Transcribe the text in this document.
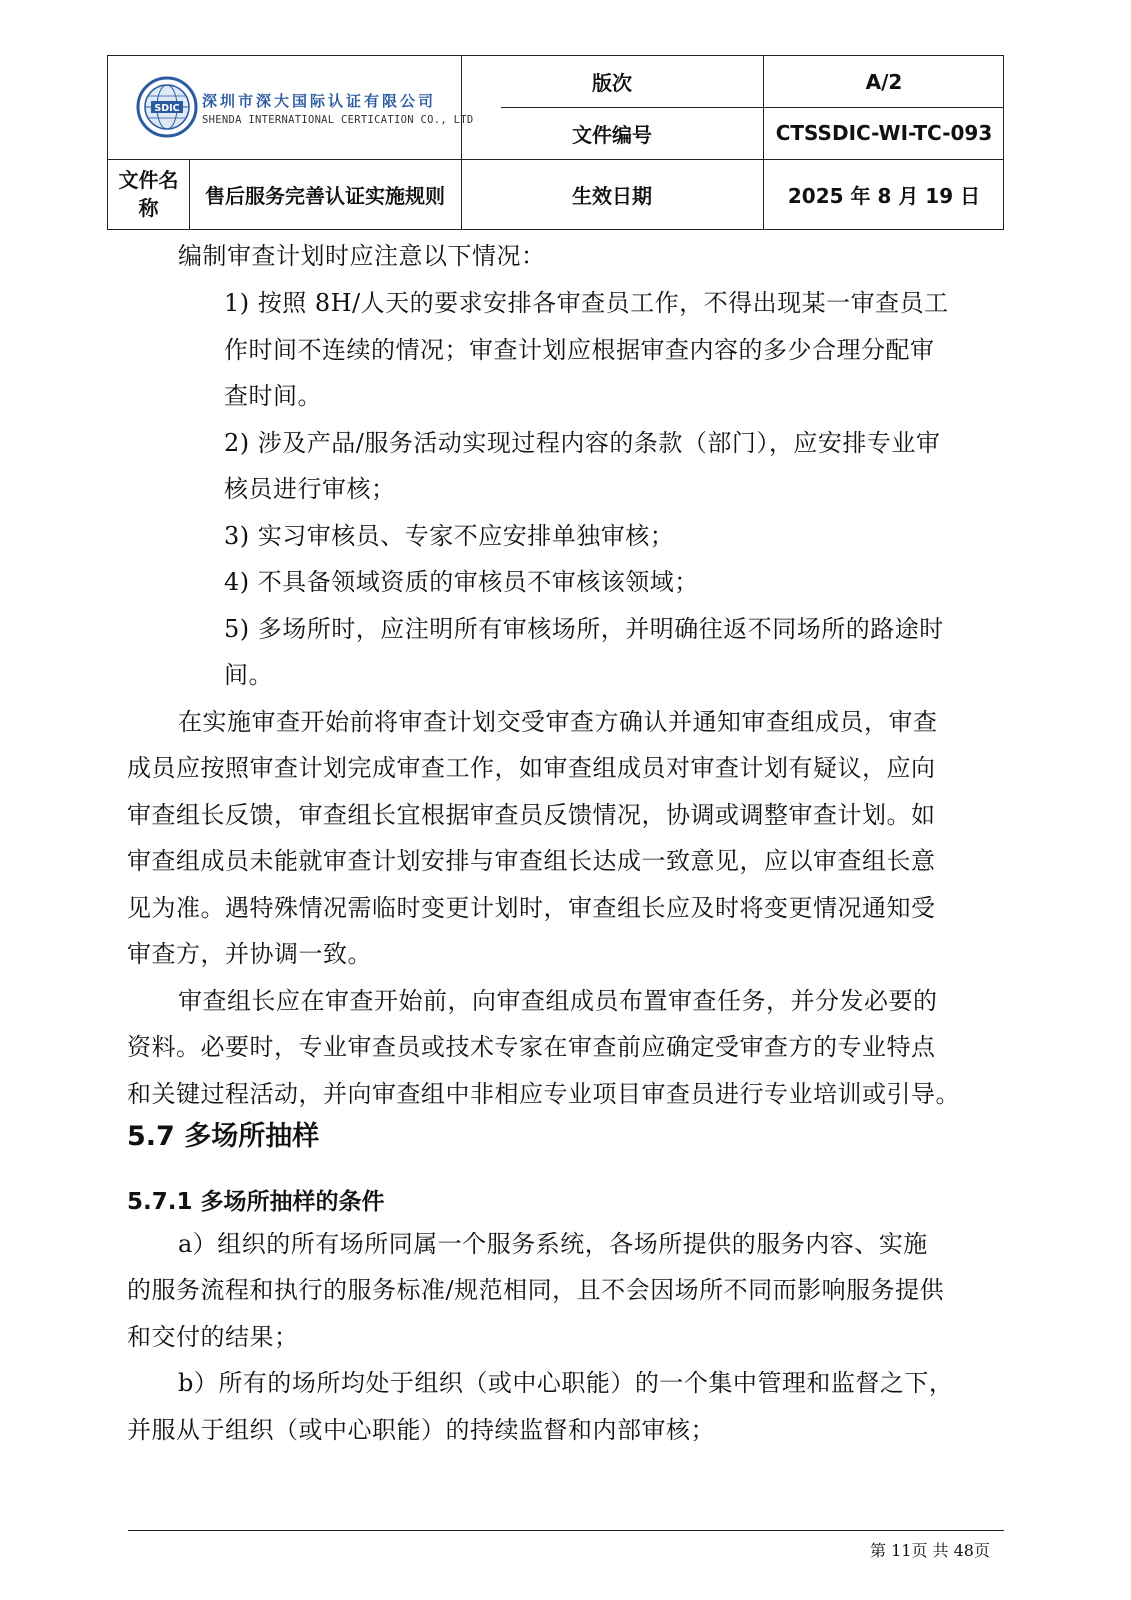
SDIC 深圳市深大国际认证有限公司
SHENDA INTERNATIONAL CERTICATION CO., LTD
版次	A/2
文件编号	CTSSDIC-WI-TC-093
文件名
称
售后服务完善认证实施规则	生效日期	2025 年 8 月 19 日
编制审查计划时应注意以下情况：
1) 按照 8H/人天的要求安排各审查员工作，不得出现某一审查员工
作时间不连续的情况；审查计划应根据审查内容的多少合理分配审
查时间。
2) 涉及产品/服务活动实现过程内容的条款（部门），应安排专业审
核员进行审核；
3) 实习审核员、专家不应安排单独审核；
4) 不具备领域资质的审核员不审核该领域；
5) 多场所时，应注明所有审核场所，并明确往返不同场所的路途时
间。
在实施审查开始前将审查计划交受审查方确认并通知审查组成员，审查
成员应按照审查计划完成审查工作，如审查组成员对审查计划有疑议，应向
审查组长反馈，审查组长宜根据审查员反馈情况，协调或调整审查计划。如
审查组成员未能就审查计划安排与审查组长达成一致意见，应以审查组长意
见为准。遇特殊情况需临时变更计划时，审查组长应及时将变更情况通知受
审查方，并协调一致。
审查组长应在审查开始前，向审查组成员布置审查任务，并分发必要的
资料。必要时，专业审查员或技术专家在审查前应确定受审查方的专业特点
和关键过程活动，并向审查组中非相应专业项目审查员进行专业培训或引导。
5.7 多场所抽样
5.7.1 多场所抽样的条件
a）组织的所有场所同属一个服务系统，各场所提供的服务内容、实施
的服务流程和执行的服务标准/规范相同，且不会因场所不同而影响服务提供
和交付的结果；
b）所有的场所均处于组织（或中心职能）的一个集中管理和监督之下，
并服从于组织（或中心职能）的持续监督和内部审核；
第 11页 共 48页
